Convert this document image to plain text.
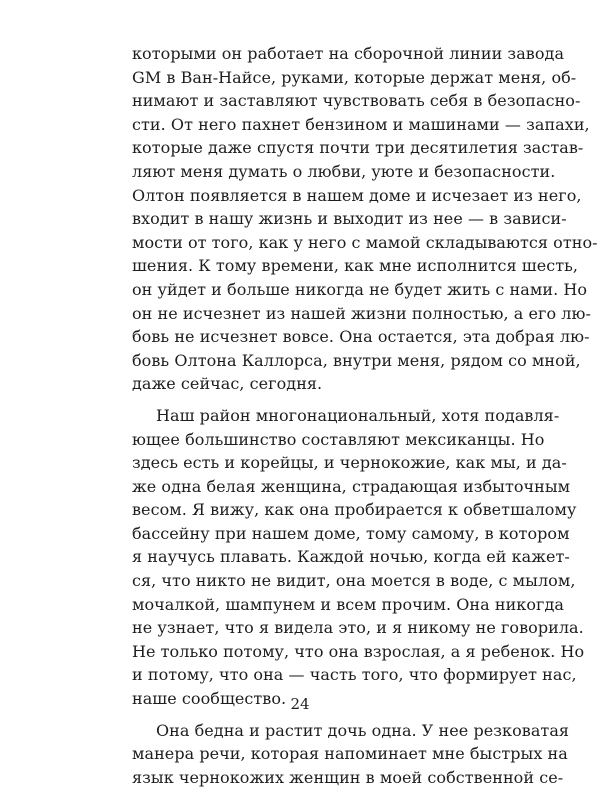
которыми он работает на сборочной линии завода
GM в Ван-Найсе, руками, которые держат меня, об-
нимают и заставляют чувствовать себя в безопасно-
сти. От него пахнет бензином и машинами — запахи,
которые даже спустя почти три десятилетия застав-
ляют меня думать о любви, уюте и безопасности.
Олтон появляется в нашем доме и исчезает из него,
входит в нашу жизнь и выходит из нее — в зависи-
мости от того, как у него с мамой складываются отно-
шения. К тому времени, как мне исполнится шесть,
он уйдет и больше никогда не будет жить с нами. Но
он не исчезнет из нашей жизни полностью, а его лю-
бовь не исчезнет вовсе. Она остается, эта добрая лю-
бовь Олтона Каллорса, внутри меня, рядом со мной,
даже сейчас, сегодня.
Наш район многонациональный, хотя подавля-
ющее большинство составляют мексиканцы. Но
здесь есть и корейцы, и чернокожие, как мы, и да-
же одна белая женщина, страдающая избыточным
весом. Я вижу, как она пробирается к обветшалому
бассейну при нашем доме, тому самому, в котором
я научусь плавать. Каждой ночью, когда ей кажет-
ся, что никто не видит, она моется в воде, с мылом,
мочалкой, шампунем и всем прочим. Она никогда
не узнает, что я видела это, и я никому не говорила.
Не только потому, что она взрослая, а я ребенок. Но
и потому, что она — часть того, что формирует нас,
наше сообщество.
Она бедна и растит дочь одна. У нее резковатая
манера речи, которая напоминает мне быстрых на
язык чернокожих женщин в моей собственной се-
24
